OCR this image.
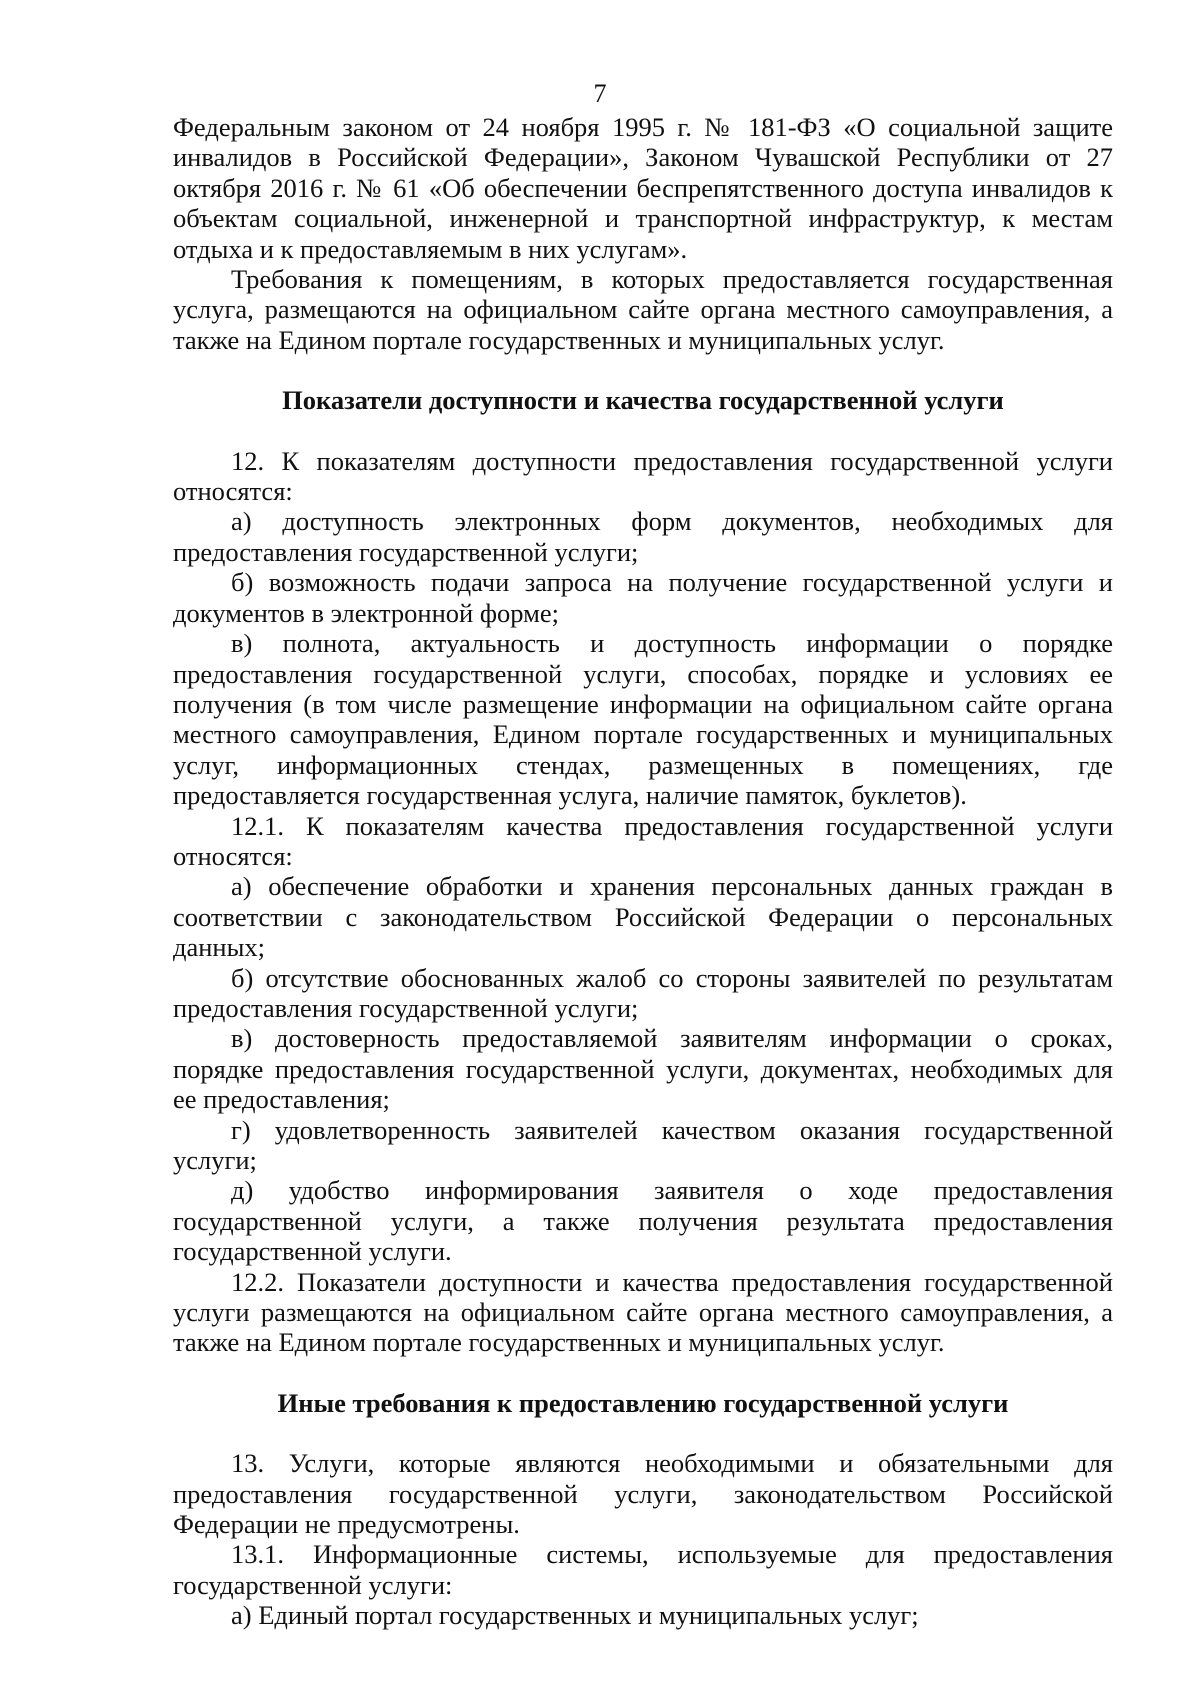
7

Федеральным законом от 24 ноября 1995 г. № 181-ФЗ «О социальной защите инвалидов в Российской Федерации», Законом Чувашской Республики от 27 октября 2016 г. № 61 «Об обеспечении беспрепятственного доступа инвалидов к объектам социальной, инженерной и транспортной инфраструктур, к местам отдыха и к предоставляемым в них услугам».

Требования к помещениям, в которых предоставляется государственная услуга, размещаются на официальном сайте органа местного самоуправления, а также на Едином портале государственных и муниципальных услуг.

Показатели доступности и качества государственной услуги

12. К показателям доступности предоставления государственной услуги относятся:

а) доступность электронных форм документов, необходимых для предоставления государственной услуги;

б) возможность подачи запроса на получение государственной услуги и документов в электронной форме;

в) полнота, актуальность и доступность информации о порядке предоставления государственной услуги, способах, порядке и условиях ее получения (в том числе размещение информации на официальном сайте органа местного самоуправления, Едином портале государственных и муниципальных услуг, информационных стендах, размещенных в помещениях, где предоставляется государственная услуга, наличие памяток, буклетов).

12.1. К показателям качества предоставления государственной услуги относятся:

а) обеспечение обработки и хранения персональных данных граждан в соответствии с законодательством Российской Федерации о персональных данных;

б) отсутствие обоснованных жалоб со стороны заявителей по результатам предоставления государственной услуги;

в) достоверность предоставляемой заявителям информации о сроках, порядке предоставления государственной услуги, документах, необходимых для ее предоставления;

г) удовлетворенность заявителей качеством оказания государственной услуги;

д) удобство информирования заявителя о ходе предоставления государственной услуги, а также получения результата предоставления государственной услуги.

12.2. Показатели доступности и качества предоставления государственной услуги размещаются на официальном сайте органа местного самоуправления, а также на Едином портале государственных и муниципальных услуг.

Иные требования к предоставлению государственной услуги

13. Услуги, которые являются необходимыми и обязательными для предоставления государственной услуги, законодательством Российской Федерации не предусмотрены.

13.1. Информационные системы, используемые для предоставления государственной услуги:

а) Единый портал государственных и муниципальных услуг;
